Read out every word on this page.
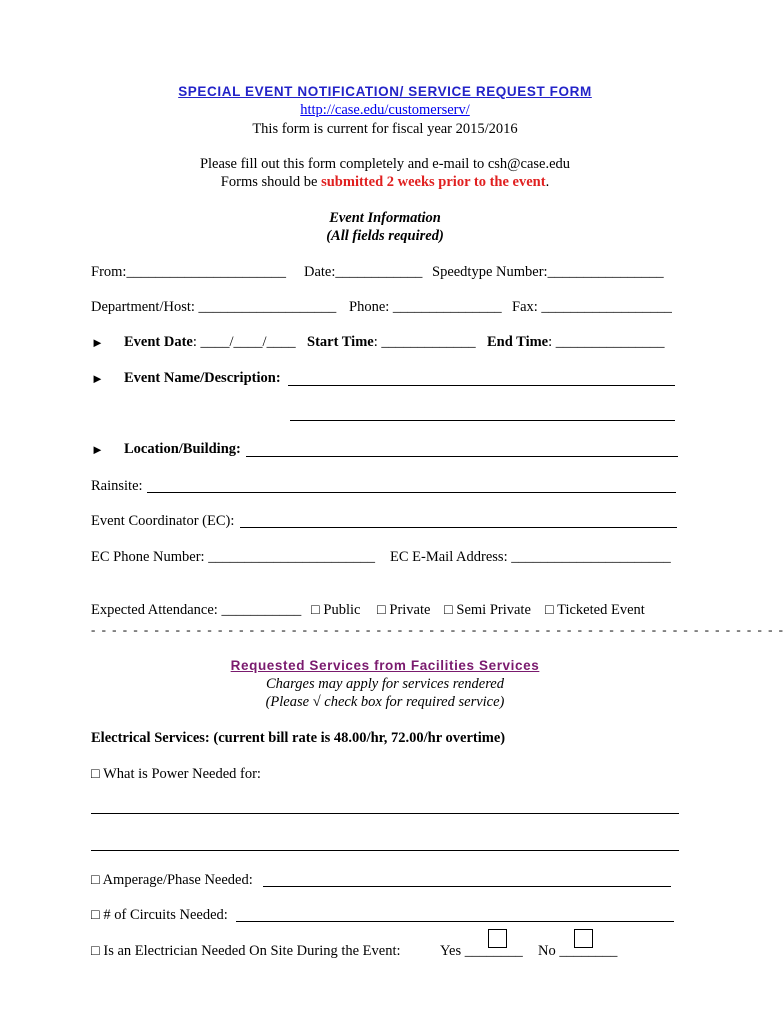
SPECIAL EVENT NOTIFICATION/ SERVICE REQUEST FORM
http://case.edu/customerserv/
This form is current for fiscal year 2015/2016
Please fill out this form completely and e-mail to csh@case.edu
Forms should be submitted 2 weeks prior to the event.
Event Information
(All fields required)
From:______________________ Date:____________ Speedtype Number:________________
Department/Host: ___________________ Phone: _______________ Fax: __________________
► Event Date: ____/____/____ Start Time: _____________ End Time: _______________
► Event Name/Description:
► Location/Building:
Rainsite:
Event Coordinator (EC):
EC Phone Number: _______________________ EC E-Mail Address: ______________________
Expected Attendance: ___________ □ Public □ Private □ Semi Private □ Ticketed Event
- - - - - - - - - - - - - - - - - - - - - - - - - - - - - - - - - - - - - - - - - - - - - - - - - - - - - - - - - - - - - - - - - -
Requested Services from Facilities Services
Charges may apply for services rendered
(Please √ check box for required service)
Electrical Services: (current bill rate is 48.00/hr, 72.00/hr overtime)
□ What is Power Needed for:
□ Amperage/Phase Needed:
□ # of Circuits Needed:
□ Is an Electrician Needed On Site During the Event:	Yes ________ No ________
